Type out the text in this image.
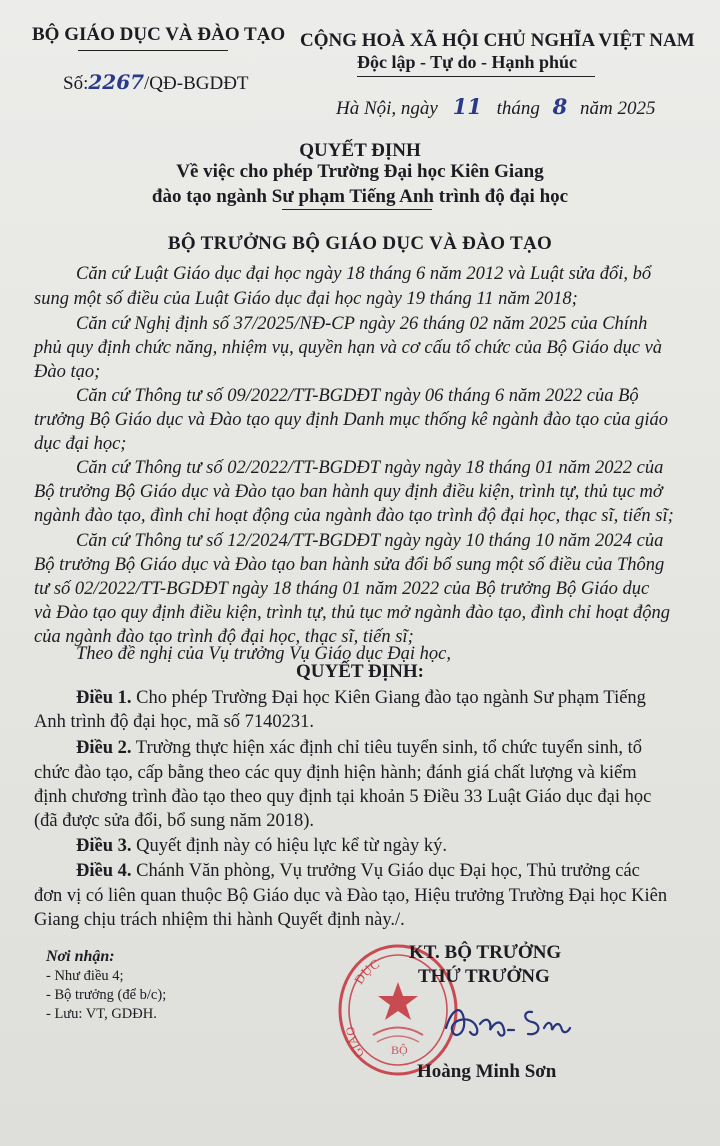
BỘ GIÁO DỤC VÀ ĐÀO TẠO CỘNG HOÀ XÃ HỘI CHỦ NGHĨA VIỆT NAM
Độc lập - Tự do - Hạnh phúc
Số:2267/QĐ-BGDĐT
Hà Nội, ngày 11 tháng 8 năm 2025
QUYẾT ĐỊNH
Về việc cho phép Trường Đại học Kiên Giang
đào tạo ngành Sư phạm Tiếng Anh trình độ đại học
BỘ TRƯỞNG BỘ GIÁO DỤC VÀ ĐÀO TẠO
Căn cứ Luật Giáo dục đại học ngày 18 tháng 6 năm 2012 và Luật sửa đổi, bổ
sung một số điều của Luật Giáo dục đại học ngày 19 tháng 11 năm 2018;
Căn cứ Nghị định số 37/2025/NĐ-CP ngày 26 tháng 02 năm 2025 của Chính
phủ quy định chức năng, nhiệm vụ, quyền hạn và cơ cấu tổ chức của Bộ Giáo dục và
Đào tạo;
Căn cứ Thông tư số 09/2022/TT-BGDĐT ngày 06 tháng 6 năm 2022 của Bộ
trưởng Bộ Giáo dục và Đào tạo quy định Danh mục thống kê ngành đào tạo của giáo
dục đại học;
Căn cứ Thông tư số 02/2022/TT-BGDĐT ngày ngày 18 tháng 01 năm 2022 của
Bộ trưởng Bộ Giáo dục và Đào tạo ban hành quy định điều kiện, trình tự, thủ tục mở
ngành đào tạo, đình chỉ hoạt động của ngành đào tạo trình độ đại học, thạc sĩ, tiến sĩ;
Căn cứ Thông tư số 12/2024/TT-BGDĐT ngày ngày 10 tháng 10 năm 2024 của
Bộ trưởng Bộ Giáo dục và Đào tạo ban hành sửa đổi bổ sung một số điều của Thông
tư số 02/2022/TT-BGDĐT ngày 18 tháng 01 năm 2022 của Bộ trưởng Bộ Giáo dục
và Đào tạo quy định điều kiện, trình tự, thủ tục mở ngành đào tạo, đình chỉ hoạt động
của ngành đào tạo trình độ đại học, thạc sĩ, tiến sĩ;
Theo đề nghị của Vụ trưởng Vụ Giáo dục Đại học,
QUYẾT ĐỊNH:
Điều 1. Cho phép Trường Đại học Kiên Giang đào tạo ngành Sư phạm Tiếng
Anh trình độ đại học, mã số 7140231.
Điều 2. Trường thực hiện xác định chỉ tiêu tuyển sinh, tổ chức tuyển sinh, tổ
chức đào tạo, cấp bằng theo các quy định hiện hành; đánh giá chất lượng và kiểm
định chương trình đào tạo theo quy định tại khoản 5 Điều 33 Luật Giáo dục đại học
(đã được sửa đổi, bổ sung năm 2018).
Điều 3. Quyết định này có hiệu lực kể từ ngày ký.
Điều 4. Chánh Văn phòng, Vụ trưởng Vụ Giáo dục Đại học, Thủ trưởng các
đơn vị có liên quan thuộc Bộ Giáo dục và Đào tạo, Hiệu trưởng Trường Đại học Kiên
Giang chịu trách nhiệm thi hành Quyết định này./.
Nơi nhận:
- Như điều 4;
- Bộ trưởng (để b/c);
- Lưu: VT, GDĐH.
DỤC
GIÁO
BỘ
KT. BỘ TRƯỞNG
THỨ TRƯỞNG
Hoàng Minh Sơn
